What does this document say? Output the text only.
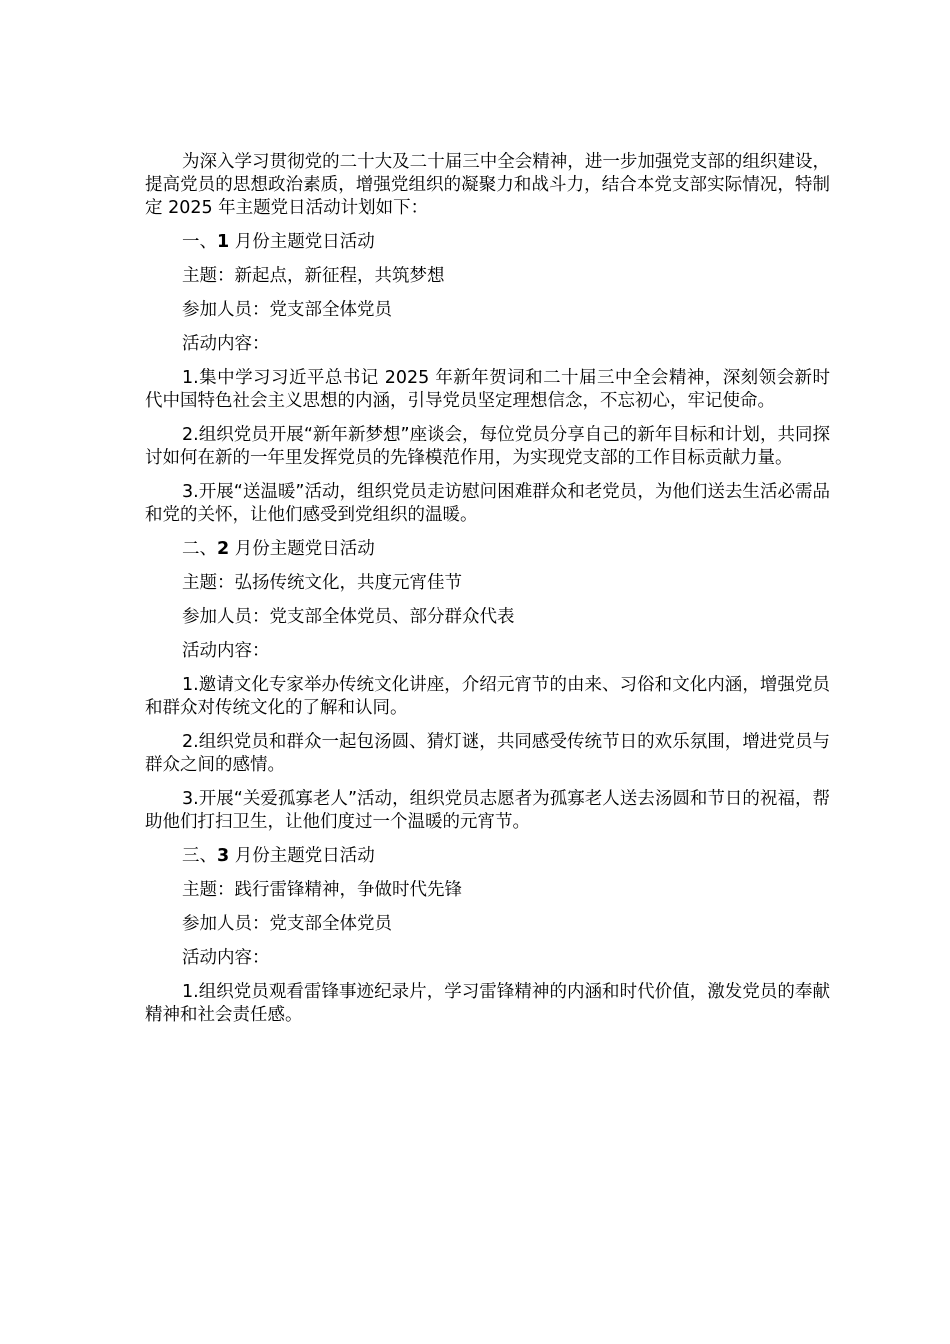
为深入学习贯彻党的二十大及二十届三中全会精神，进一步加强党支部的组织建设，提高党员的思想政治素质，增强党组织的凝聚力和战斗力，结合本党支部实际情况，特制定 2025 年主题党日活动计划如下：

一、1 月份主题党日活动

主题：新起点，新征程，共筑梦想

参加人员：党支部全体党员

活动内容：

1.集中学习习近平总书记 2025 年新年贺词和二十届三中全会精神，深刻领会新时代中国特色社会主义思想的内涵，引导党员坚定理想信念，不忘初心，牢记使命。

2.组织党员开展“新年新梦想”座谈会，每位党员分享自己的新年目标和计划，共同探讨如何在新的一年里发挥党员的先锋模范作用，为实现党支部的工作目标贡献力量。

3.开展“送温暖”活动，组织党员走访慰问困难群众和老党员，为他们送去生活必需品和党的关怀，让他们感受到党组织的温暖。

二、2 月份主题党日活动

主题：弘扬传统文化，共度元宵佳节

参加人员：党支部全体党员、部分群众代表

活动内容：

1.邀请文化专家举办传统文化讲座，介绍元宵节的由来、习俗和文化内涵，增强党员和群众对传统文化的了解和认同。

2.组织党员和群众一起包汤圆、猜灯谜，共同感受传统节日的欢乐氛围，增进党员与群众之间的感情。

3.开展“关爱孤寡老人”活动，组织党员志愿者为孤寡老人送去汤圆和节日的祝福，帮助他们打扫卫生，让他们度过一个温暖的元宵节。

三、3 月份主题党日活动

主题：践行雷锋精神，争做时代先锋

参加人员：党支部全体党员

活动内容：

1.组织党员观看雷锋事迹纪录片，学习雷锋精神的内涵和时代价值，激发党员的奉献精神和社会责任感。
